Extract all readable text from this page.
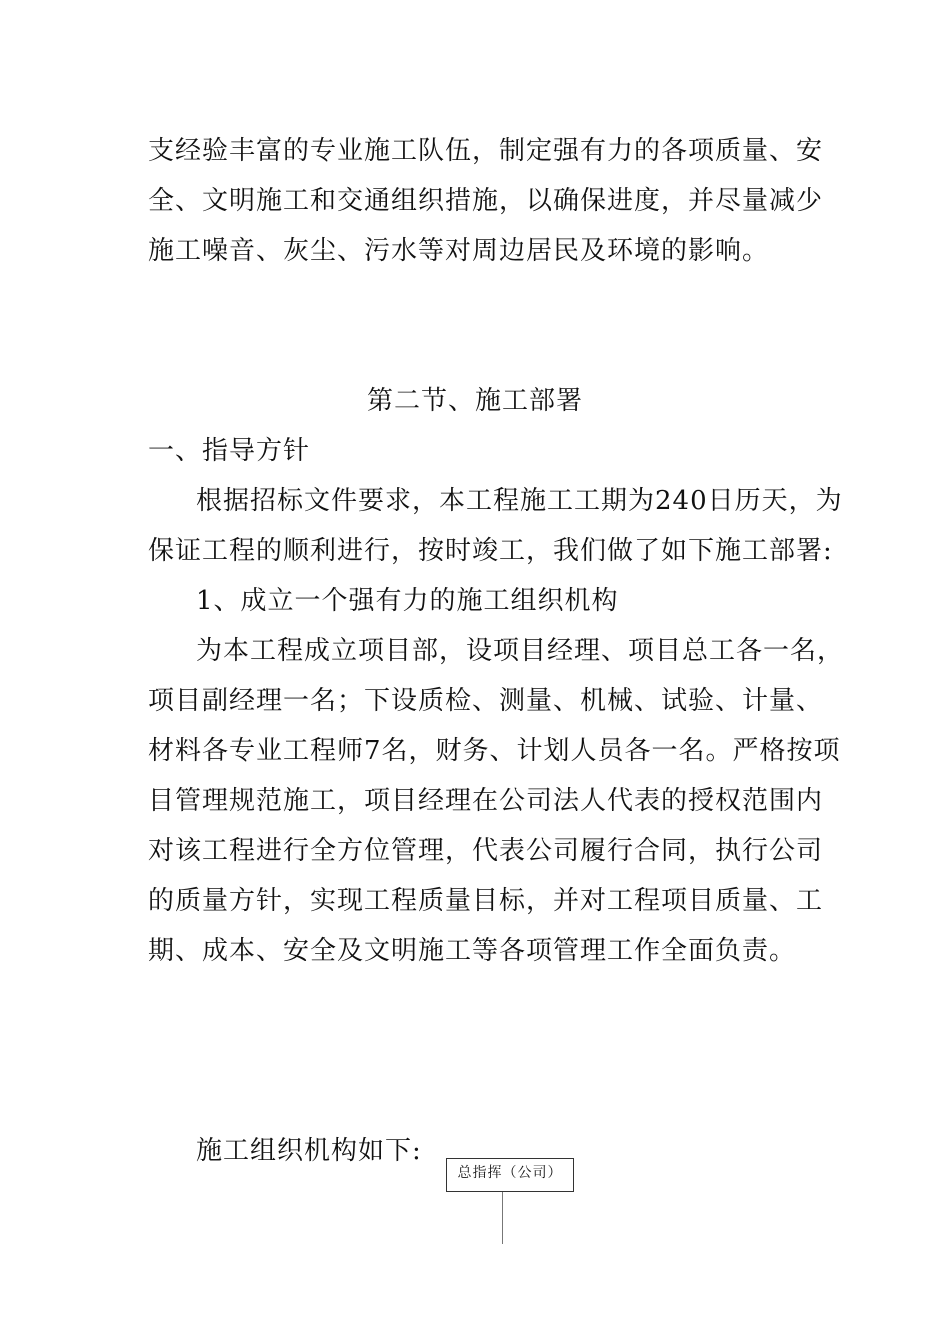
支经验丰富的专业施工队伍，制定强有力的各项质量、安
全、文明施工和交通组织措施，以确保进度，并尽量减少
施工噪音、灰尘、污水等对周边居民及环境的影响。
第二节、施工部署
一、指导方针
根据招标文件要求，本工程施工工期为240日历天，为
保证工程的顺利进行，按时竣工，我们做了如下施工部署:
1、成立一个强有力的施工组织机构
为本工程成立项目部，设项目经理、项目总工各一名，
项目副经理一名；下设质检、测量、机械、试验、计量、
材料各专业工程师7名，财务、计划人员各一名。严格按项
目管理规范施工，项目经理在公司法人代表的授权范围内
对该工程进行全方位管理，代表公司履行合同，执行公司
的质量方针，实现工程质量目标，并对工程项目质量、工
期、成本、安全及文明施工等各项管理工作全面负责。
施工组织机构如下:
总指挥（公司）
